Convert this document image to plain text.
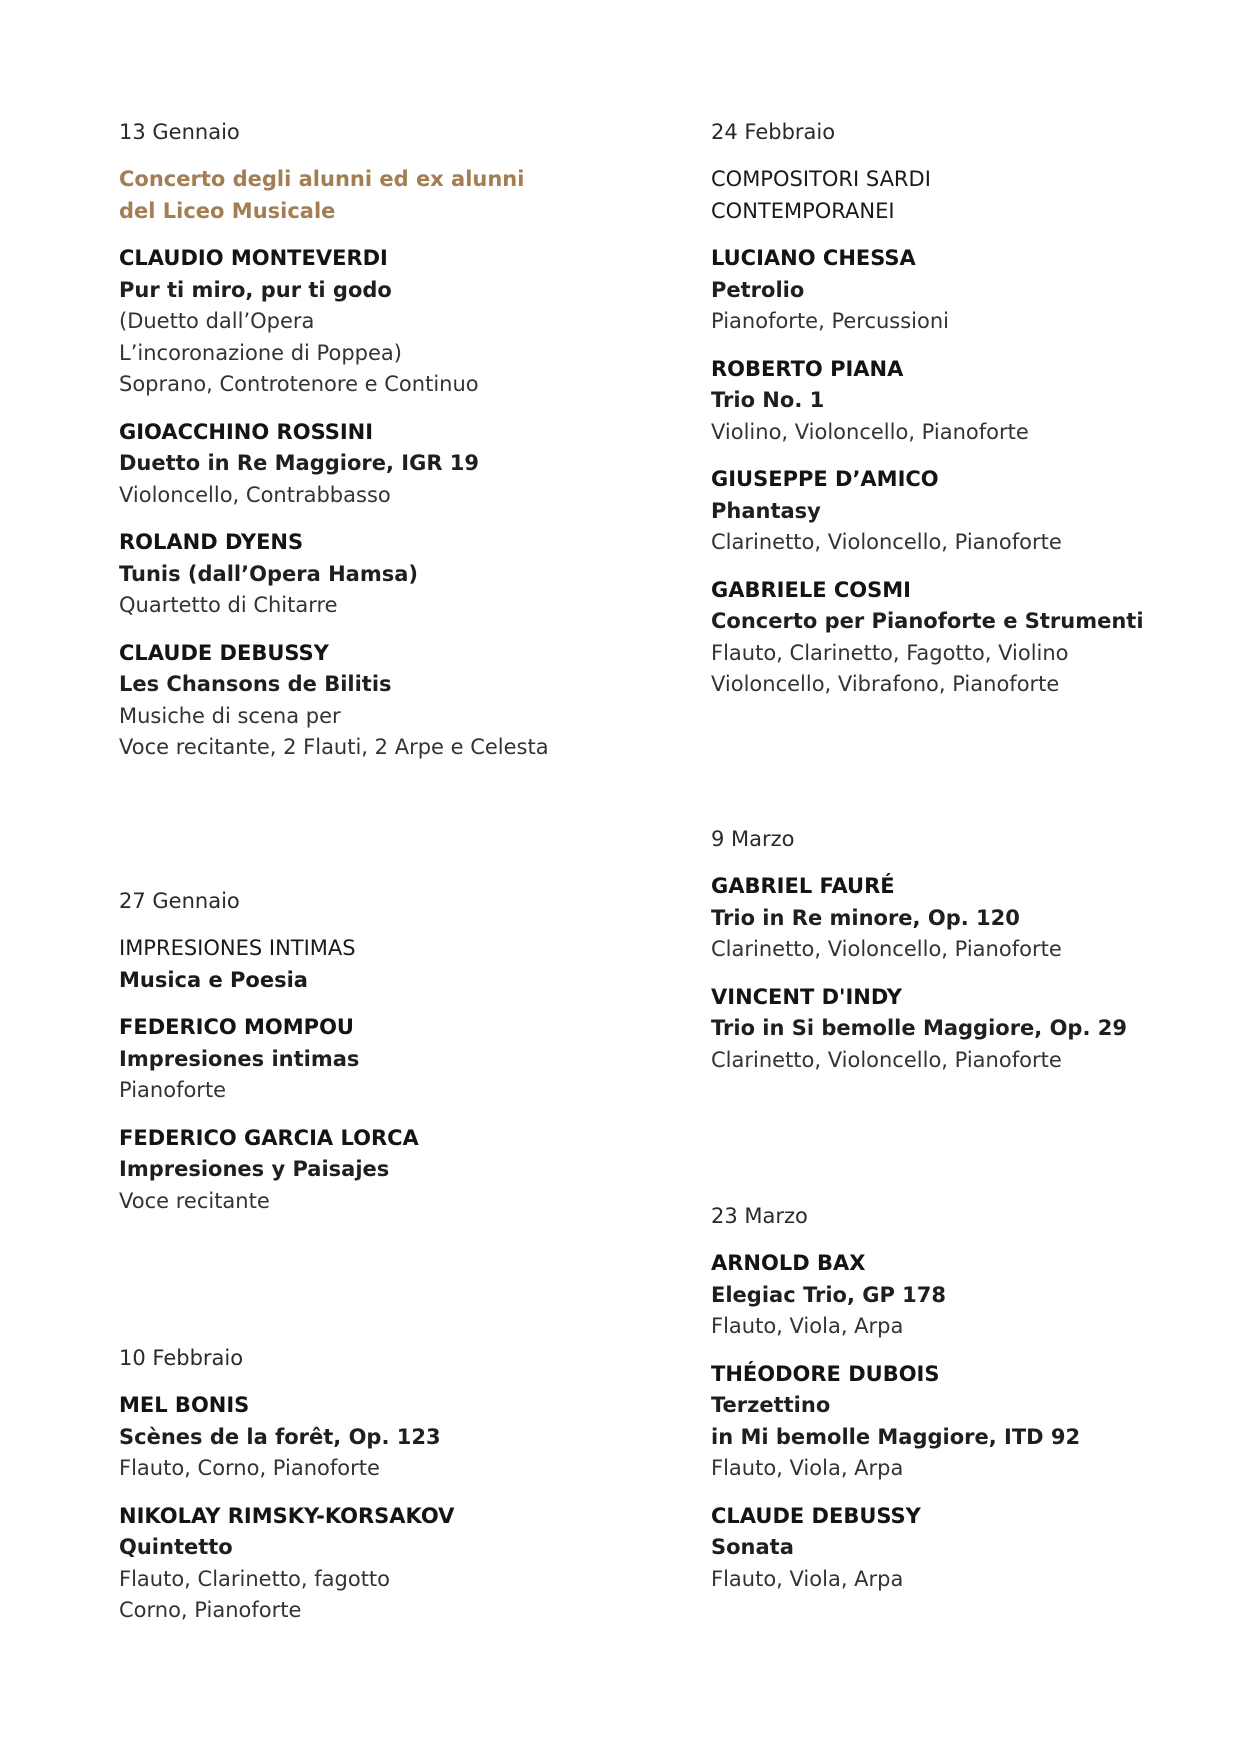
13 Gennaio
Concerto degli alunni ed ex alunni
del Liceo Musicale
CLAUDIO MONTEVERDI
Pur ti miro, pur ti godo
(Duetto dall’Opera
L’incoronazione di Poppea)
Soprano, Controtenore e Continuo
GIOACCHINO ROSSINI
Duetto in Re Maggiore, IGR 19
Violoncello, Contrabbasso
ROLAND DYENS
Tunis (dall’Opera Hamsa)
Quartetto di Chitarre
CLAUDE DEBUSSY
Les Chansons de Bilitis
Musiche di scena per
Voce recitante, 2 Flauti, 2 Arpe e Celesta
27 Gennaio
IMPRESIONES INTIMAS
Musica e Poesia
FEDERICO MOMPOU
Impresiones intimas
Pianoforte
FEDERICO GARCIA LORCA
Impresiones y Paisajes
Voce recitante
10 Febbraio
MEL BONIS
Scènes de la forêt, Op. 123
Flauto, Corno, Pianoforte
NIKOLAY RIMSKY-KORSAKOV
Quintetto
Flauto, Clarinetto, fagotto
Corno, Pianoforte
24 Febbraio
COMPOSITORI SARDI
CONTEMPORANEI
LUCIANO CHESSA
Petrolio
Pianoforte, Percussioni
ROBERTO PIANA
Trio No. 1
Violino, Violoncello, Pianoforte
GIUSEPPE D’AMICO
Phantasy
Clarinetto, Violoncello, Pianoforte
GABRIELE COSMI
Concerto per Pianoforte e Strumenti
Flauto, Clarinetto, Fagotto, Violino
Violoncello, Vibrafono, Pianoforte
9 Marzo
GABRIEL FAURÉ
Trio in Re minore, Op. 120
Clarinetto, Violoncello, Pianoforte
VINCENT D'INDY
Trio in Si bemolle Maggiore, Op. 29
Clarinetto, Violoncello, Pianoforte
23 Marzo
ARNOLD BAX
Elegiac Trio, GP 178
Flauto, Viola, Arpa
THÉODORE DUBOIS
Terzettino
in Mi bemolle Maggiore, ITD 92
Flauto, Viola, Arpa
CLAUDE DEBUSSY
Sonata
Flauto, Viola, Arpa
